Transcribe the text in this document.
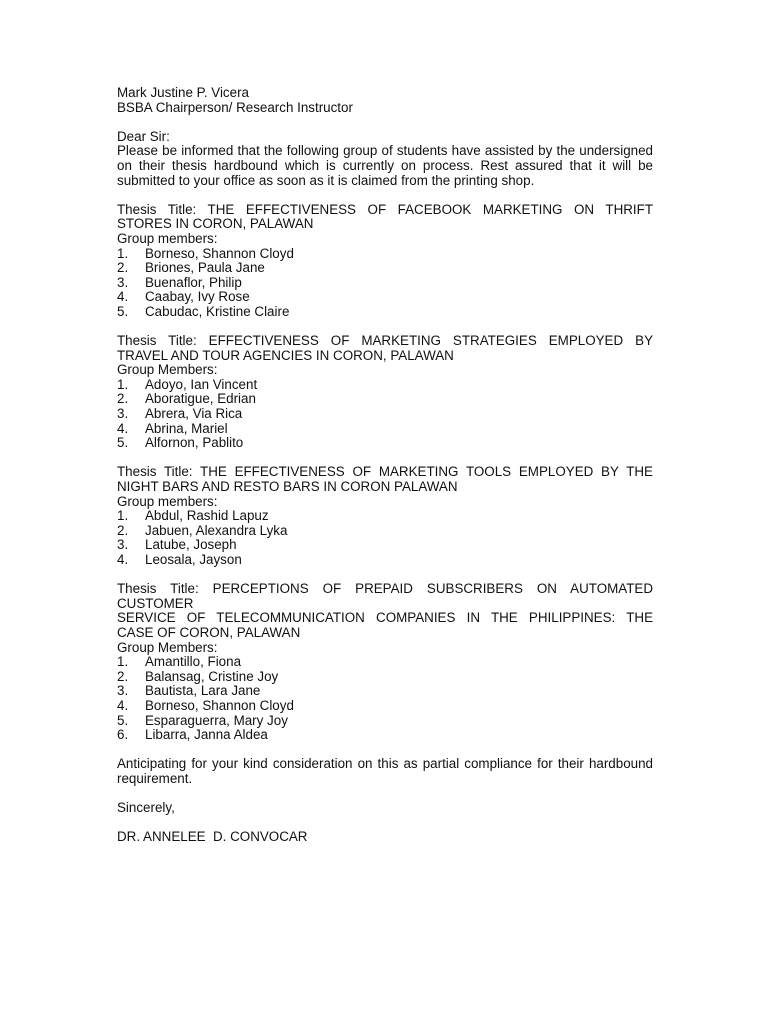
Mark Justine P. Vicera
BSBA Chairperson/ Research Instructor
Dear Sir:
Please be informed that the following group of students have assisted by the undersigned on their thesis hardbound which is currently on process. Rest assured that it will be submitted to your office as soon as it is claimed from the printing shop.
Thesis Title: THE EFFECTIVENESS OF FACEBOOK MARKETING ON THRIFT
STORES IN CORON, PALAWAN
Group members:
1.	Borneso, Shannon Cloyd
2.	Briones, Paula Jane
3.	Buenaflor, Philip
4.	Caabay, Ivy Rose
5.	Cabudac, Kristine Claire
Thesis Title: EFFECTIVENESS OF MARKETING STRATEGIES EMPLOYED BY
TRAVEL AND TOUR AGENCIES IN CORON, PALAWAN
Group Members:
1.	Adoyo, Ian Vincent
2.	Aboratigue, Edrian
3.	Abrera, Via Rica
4.	Abrina, Mariel
5.	Alfornon, Pablito
Thesis Title: THE EFFECTIVENESS OF MARKETING TOOLS EMPLOYED BY THE
NIGHT BARS AND RESTO BARS IN CORON PALAWAN
Group members:
1.	Abdul, Rashid Lapuz
2.	Jabuen, Alexandra Lyka
3.	Latube, Joseph
4.	Leosala, Jayson
Thesis Title: PERCEPTIONS OF PREPAID SUBSCRIBERS ON AUTOMATED
CUSTOMER
SERVICE OF TELECOMMUNICATION COMPANIES IN THE PHILIPPINES: THE
CASE OF CORON, PALAWAN
Group Members:
1.	Amantillo, Fiona
2.	Balansag, Cristine Joy
3.	Bautista, Lara Jane
4.	Borneso, Shannon Cloyd
5.	Esparaguerra, Mary Joy
6.	Libarra, Janna Aldea
Anticipating for your kind consideration on this as partial compliance for their hardbound requirement.
Sincerely,
DR. ANNELEE  D. CONVOCAR
